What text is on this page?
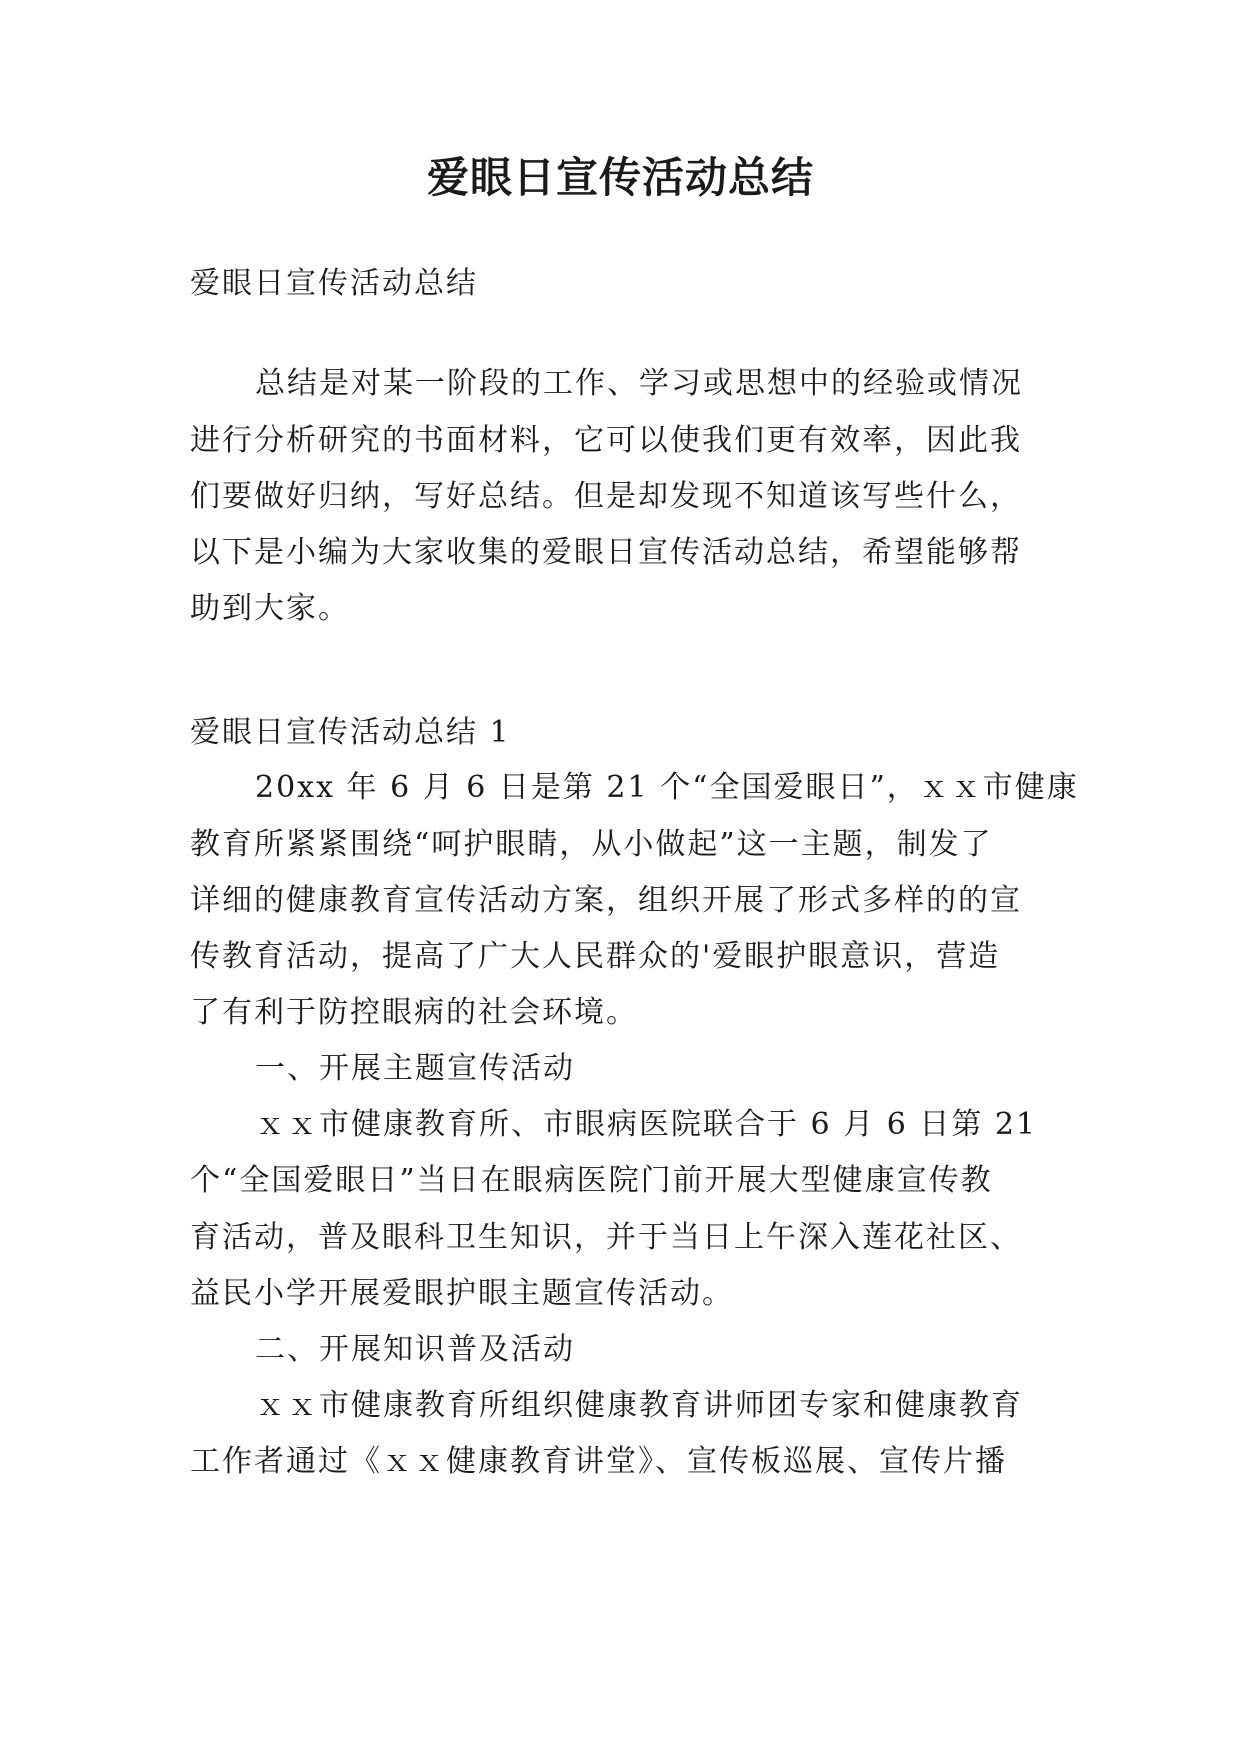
爱眼日宣传活动总结

爱眼日宣传活动总结

总结是对某一阶段的工作、学习或思想中的经验或情况

进行分析研究的书面材料，它可以使我们更有效率，因此我

们要做好归纳，写好总结。但是却发现不知道该写些什么，

以下是小编为大家收集的爱眼日宣传活动总结，希望能够帮

助到大家。

爱眼日宣传活动总结 1

20xx 年 6 月 6 日是第 21 个“全国爱眼日”，ｘｘ市健康

教育所紧紧围绕“呵护眼睛，从小做起”这一主题，制发了

详细的健康教育宣传活动方案，组织开展了形式多样的的宣

传教育活动，提高了广大人民群众的'爱眼护眼意识，营造

了有利于防控眼病的社会环境。

一、开展主题宣传活动

ｘｘ市健康教育所、市眼病医院联合于 6 月 6 日第 21

个“全国爱眼日”当日在眼病医院门前开展大型健康宣传教

育活动，普及眼科卫生知识，并于当日上午深入莲花社区、

益民小学开展爱眼护眼主题宣传活动。

二、开展知识普及活动

ｘｘ市健康教育所组织健康教育讲师团专家和健康教育

工作者通过《ｘｘ健康教育讲堂》、宣传板巡展、宣传片播
